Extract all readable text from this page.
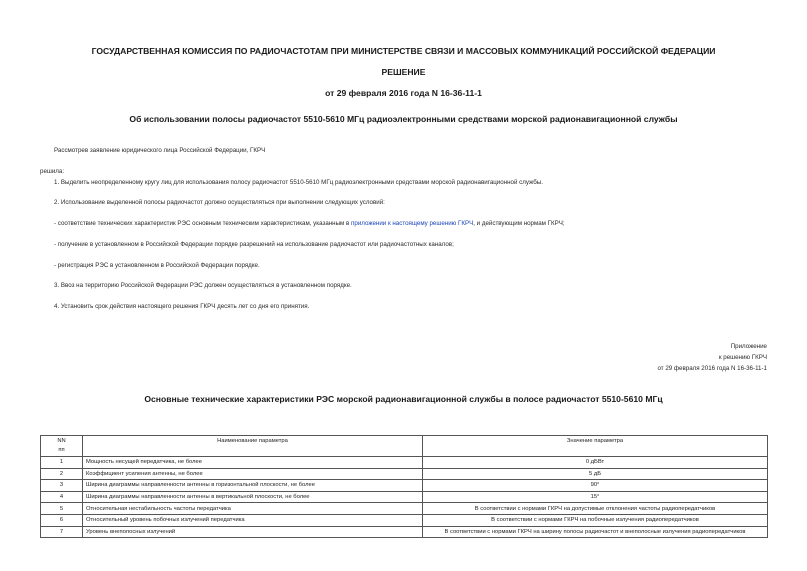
ГОСУДАРСТВЕННАЯ КОМИССИЯ ПО РАДИОЧАСТОТАМ ПРИ МИНИСТЕРСТВЕ СВЯЗИ И МАССОВЫХ КОММУНИКАЦИЙ РОССИЙСКОЙ ФЕДЕРАЦИИ
РЕШЕНИЕ
от 29 февраля 2016 года N 16-36-11-1
Об использовании полосы радиочастот 5510-5610 МГц радиоэлектронными средствами морской радионавигационной службы
Рассмотрев заявление юридического лица Российской Федерации, ГКРЧ
решила:
1. Выделить неопределенному кругу лиц для использования полосу радиочастот 5510-5610 МГц радиоэлектронными средствами морской радионавигационной службы.
2. Использование выделенной полосы радиочастот должно осуществляться при выполнении следующих условий:
- соответствие технических характеристик РЭС основным техническим характеристикам, указанным в приложении к настоящему решению ГКРЧ, и действующим нормам ГКРЧ;
- получение в установленном в Российской Федерации порядке разрешений на использование радиочастот или радиочастотных каналов;
- регистрация РЭС в установленном в Российской Федерации порядке.
3. Ввоз на территорию Российской Федерации РЭС должен осуществляться в установленном порядке.
4. Установить срок действия настоящего решения ГКРЧ десять лет со дня его принятия.
Приложение
к решению ГКРЧ
от 29 февраля 2016 года N 16-36-11-1
Основные технические характеристики РЭС морской радионавигационной службы в полосе радиочастот 5510-5610 МГц
NN
пп	Наименование параметра	Значение параметра
1	Мощность несущей передатчика, не более	0 дБВт
2	Коэффициент усиления антенны, не более	5 дБ
3	Ширина диаграммы направленности антенны в горизонтальной плоскости, не более	90°
4	Ширина диаграммы направленности антенны в вертикальной плоскости, не более	15°
5	Относительная нестабильность частоты передатчика	В соответствии с нормами ГКРЧ на допустимые отклонения частоты радиопередатчиков
6	Относительный уровень побочных излучений передатчика	В соответствии с нормами ГКРЧ на побочные излучения радиопередатчиков
7	Уровень внеполосных излучений	В соответствии с нормами ГКРЧ на ширину полосы радиочастот и внеполосные излучения радиопередатчиков
